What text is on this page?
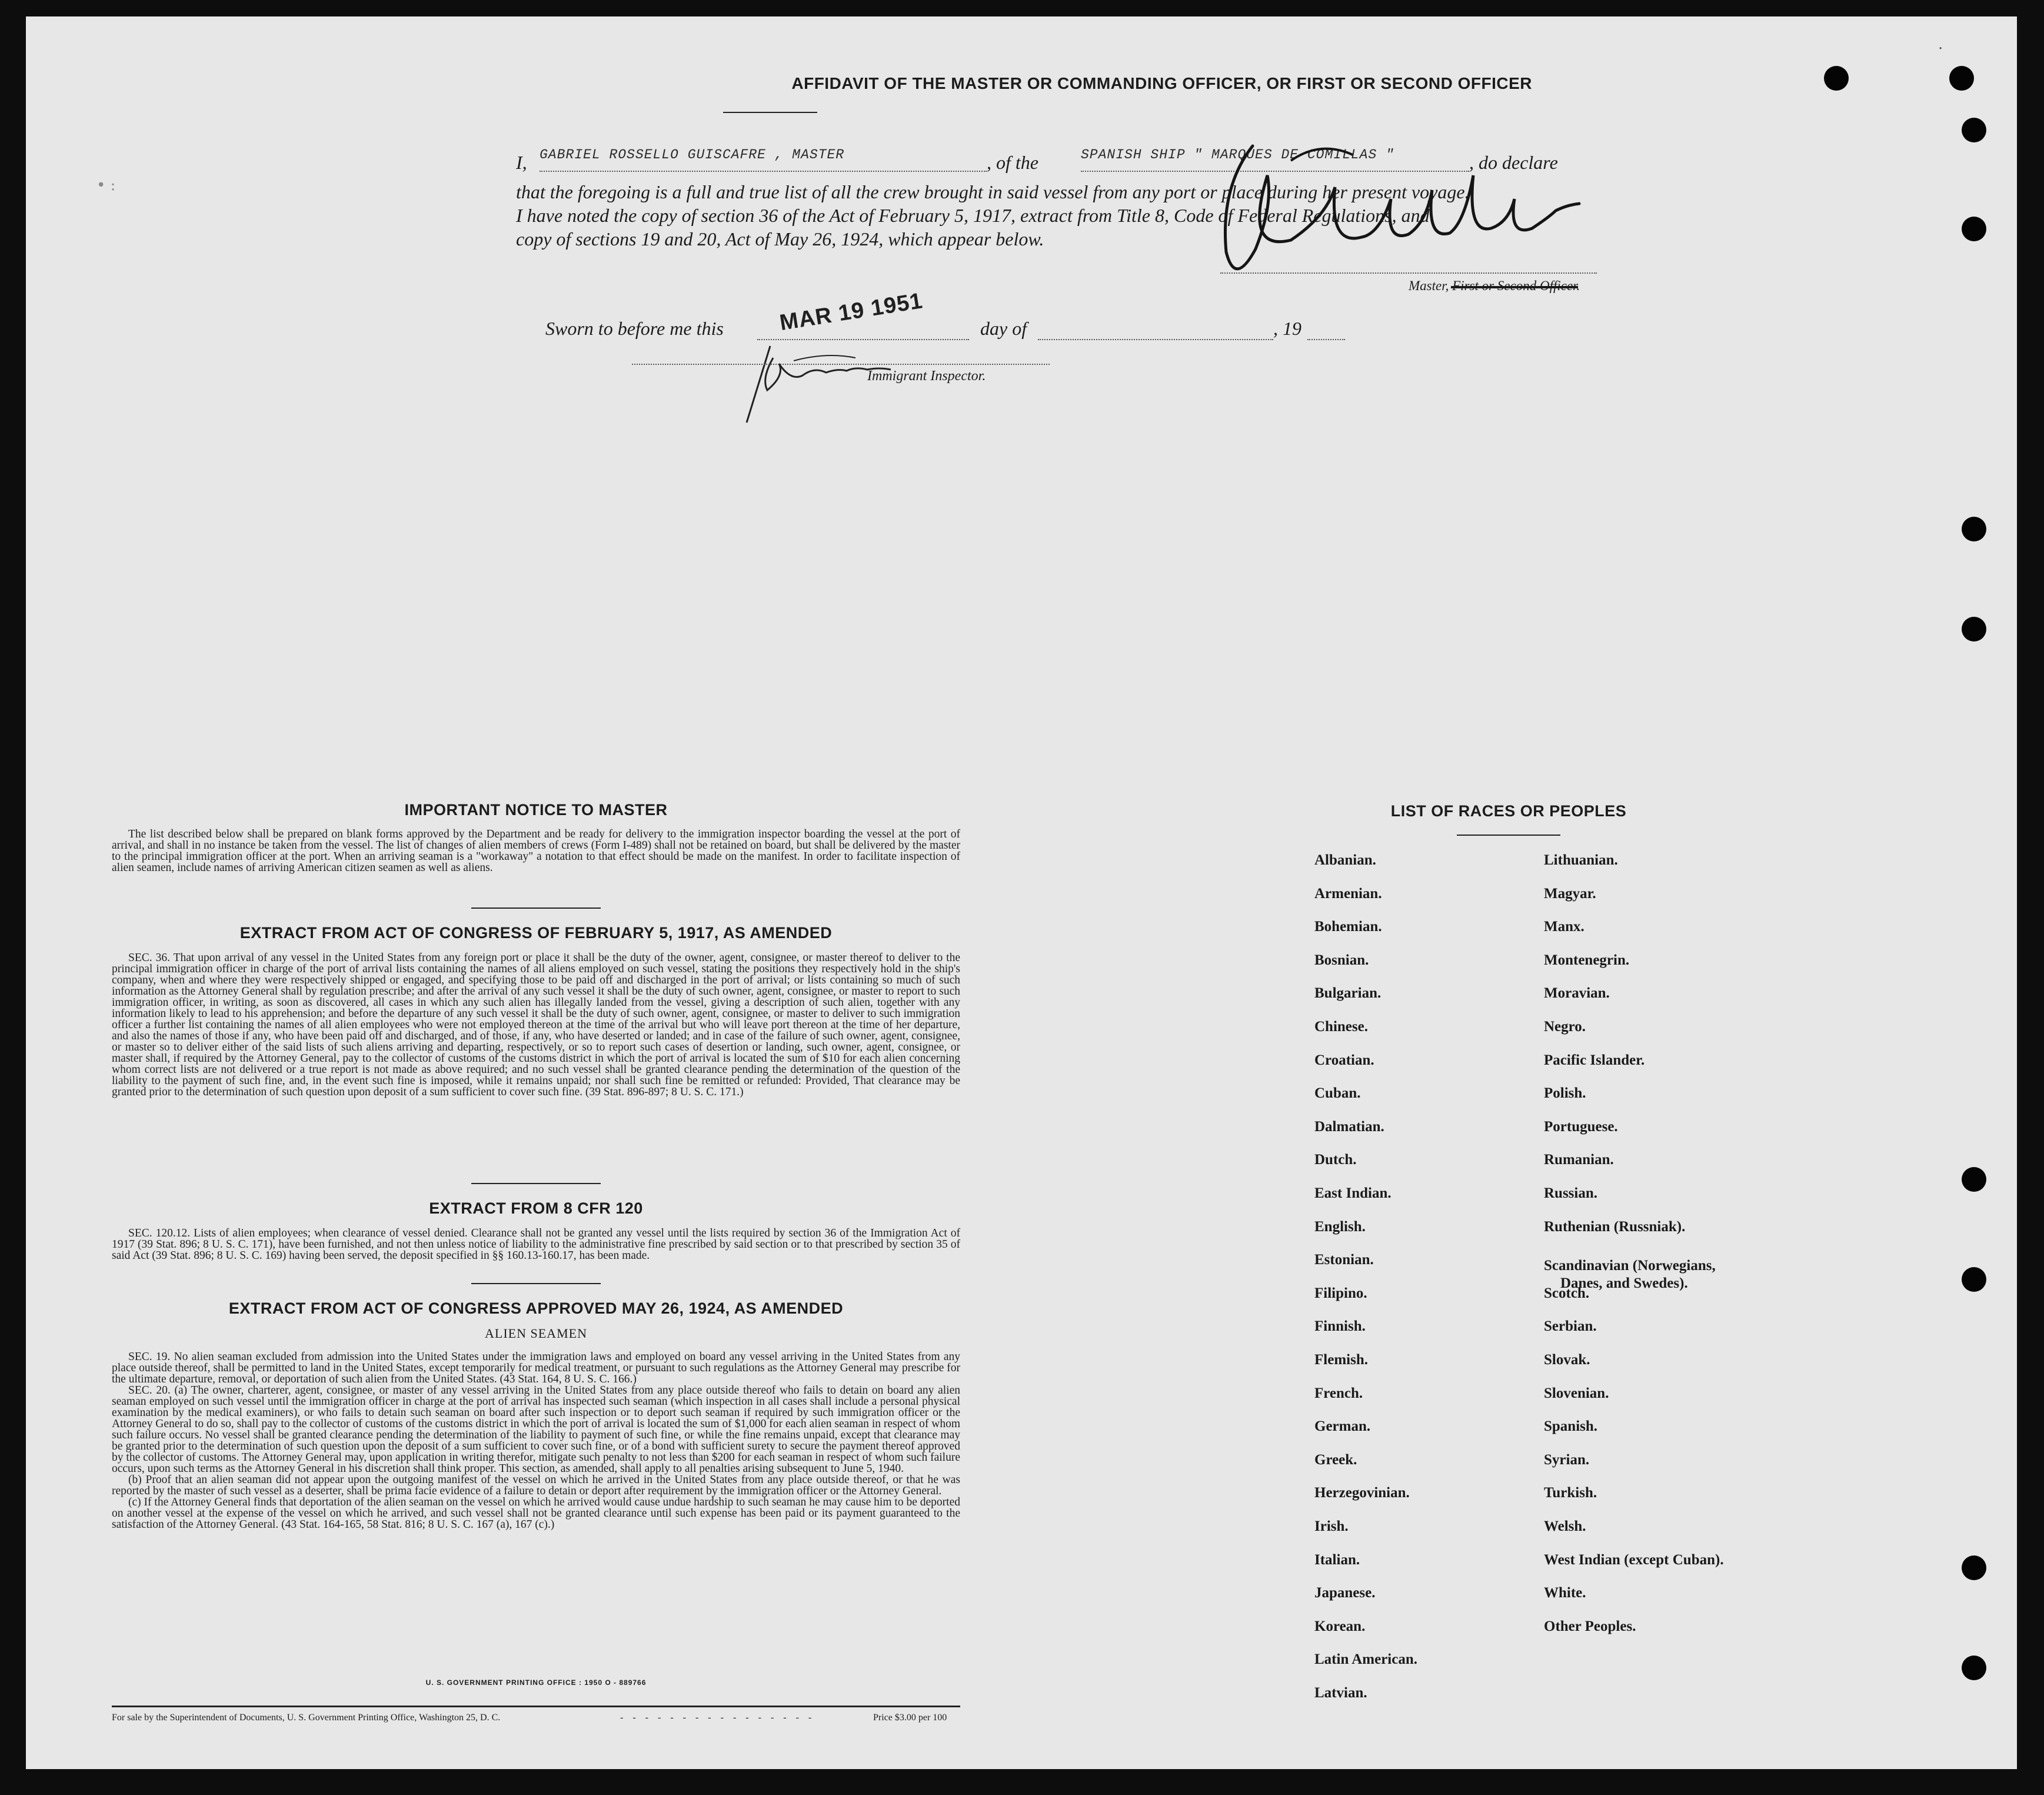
AFFIDAVIT OF THE MASTER OR COMMANDING OFFICER, OR FIRST OR SECOND OFFICER
I, GABRIEL ROSSELLO GUISCAFRE , MASTER	, of the	SPANISH SHIP " MARQUES DE COMILLAS "	, do declare
that the foregoing is a full and true list of all the crew brought in said vessel from any port or place during her present voyage.
I have noted the copy of section 36 of the Act of February 5, 1917, extract from Title 8, Code of Federal Regulations, and
copy of sections 19 and 20, Act of May 26, 1924, which appear below.
Master, First or Second Officer.
Sworn to before me this MAR 19 1951	day of	, 19
Immigrant Inspector.
• :
·
IMPORTANT NOTICE TO MASTER

The list described below shall be prepared on blank forms approved by the Department and be ready for delivery to the immigration inspector boarding the vessel at the port of arrival, and shall in no instance be taken from the vessel. The list of changes of alien members of crews (Form I-489) shall not be retained on board, but shall be delivered by the master to the principal immigration officer at the port. When an arriving seaman is a "workaway" a notation to that effect should be made on the manifest. In order to facilitate inspection of alien seamen, include names of arriving American citizen seamen as well as aliens.

EXTRACT FROM ACT OF CONGRESS OF FEBRUARY 5, 1917, AS AMENDED

SEC. 36. That upon arrival of any vessel in the United States from any foreign port or place it shall be the duty of the owner, agent, consignee, or master thereof to deliver to the principal immigration officer in charge of the port of arrival lists containing the names of all aliens employed on such vessel, stating the positions they respectively hold in the ship's company, when and where they were respectively shipped or engaged, and specifying those to be paid off and discharged in the port of arrival; or lists containing so much of such information as the Attorney General shall by regulation prescribe; and after the arrival of any such vessel it shall be the duty of such owner, agent, consignee, or master to report to such immigration officer, in writing, as soon as discovered, all cases in which any such alien has illegally landed from the vessel, giving a description of such alien, together with any information likely to lead to his apprehension; and before the departure of any such vessel it shall be the duty of such owner, agent, consignee, or master to deliver to such immigration officer a further list containing the names of all alien employees who were not employed thereon at the time of the arrival but who will leave port thereon at the time of her departure, and also the names of those if any, who have been paid off and discharged, and of those, if any, who have deserted or landed; and in case of the failure of such owner, agent, consignee, or master so to deliver either of the said lists of such aliens arriving and departing, respectively, or so to report such cases of desertion or landing, such owner, agent, consignee, or master shall, if required by the Attorney General, pay to the collector of customs of the customs district in which the port of arrival is located the sum of $10 for each alien concerning whom correct lists are not delivered or a true report is not made as above required; and no such vessel shall be granted clearance pending the determination of the question of the liability to the payment of such fine, and, in the event such fine is imposed, while it remains unpaid; nor shall such fine be remitted or refunded: Provided, That clearance may be granted prior to the determination of such question upon deposit of a sum sufficient to cover such fine. (39 Stat. 896-897; 8 U. S. C. 171.)

EXTRACT FROM 8 CFR 120

SEC. 120.12. Lists of alien employees; when clearance of vessel denied. Clearance shall not be granted any vessel until the lists required by section 36 of the Immigration Act of 1917 (39 Stat. 896; 8 U. S. C. 171), have been furnished, and not then unless notice of liability to the administrative fine prescribed by said section or to that prescribed by section 35 of said Act (39 Stat. 896; 8 U. S. C. 169) having been served, the deposit specified in §§ 160.13-160.17, has been made.

EXTRACT FROM ACT OF CONGRESS APPROVED MAY 26, 1924, AS AMENDED
ALIEN SEAMEN

SEC. 19. No alien seaman excluded from admission into the United States under the immigration laws and employed on board any vessel arriving in the United States from any place outside thereof, shall be permitted to land in the United States, except temporarily for medical treatment, or pursuant to such regulations as the Attorney General may prescribe for the ultimate departure, removal, or deportation of such alien from the United States. (43 Stat. 164, 8 U. S. C. 166.)

SEC. 20. (a) The owner, charterer, agent, consignee, or master of any vessel arriving in the United States from any place outside thereof who fails to detain on board any alien seaman employed on such vessel until the immigration officer in charge at the port of arrival has inspected such seaman (which inspection in all cases shall include a personal physical examination by the medical examiners), or who fails to detain such seaman on board after such inspection or to deport such seaman if required by such immigration officer or the Attorney General to do so, shall pay to the collector of customs of the customs district in which the port of arrival is located the sum of $1,000 for each alien seaman in respect of whom such failure occurs. No vessel shall be granted clearance pending the determination of the liability to payment of such fine, or while the fine remains unpaid, except that clearance may be granted prior to the determination of such question upon the deposit of a sum sufficient to cover such fine, or of a bond with sufficient surety to secure the payment thereof approved by the collector of customs. The Attorney General may, upon application in writing therefor, mitigate such penalty to not less than $200 for each seaman in respect of whom such failure occurs, upon such terms as the Attorney General in his discretion shall think proper. This section, as amended, shall apply to all penalties arising subsequent to June 5, 1940.

(b) Proof that an alien seaman did not appear upon the outgoing manifest of the vessel on which he arrived in the United States from any place outside thereof, or that he was reported by the master of such vessel as a deserter, shall be prima facie evidence of a failure to detain or deport after requirement by the immigration officer or the Attorney General.

(c) If the Attorney General finds that deportation of the alien seaman on the vessel on which he arrived would cause undue hardship to such seaman he may cause him to be deported on another vessel at the expense of the vessel on which he arrived, and such vessel shall not be granted clearance until such expense has been paid or its payment guaranteed to the satisfaction of the Attorney General. (43 Stat. 164-165, 58 Stat. 816; 8 U. S. C. 167 (a), 167 (c).)

U. S. GOVERNMENT PRINTING OFFICE : 1950 O - 889766
For sale by the Superintendent of Documents, U. S. Government Printing Office, Washington 25, D. C.	- - - - - - - - - - - - - - - -	Price $3.00 per 100
LIST OF RACES OR PEOPLES
Albanian.
Armenian.
Bohemian.
Bosnian.
Bulgarian.
Chinese.
Croatian.
Cuban.
Dalmatian.
Dutch.
East Indian.
English.
Estonian.
Filipino.
Finnish.
Flemish.
French.
German.
Greek.
Herzegovinian.
Irish.
Italian.
Japanese.
Korean.
Latin American.
Latvian.
Lithuanian.
Magyar.
Manx.
Montenegrin.
Moravian.
Negro.
Pacific Islander.
Polish.
Portuguese.
Rumanian.
Russian.
Ruthenian (Russniak).
Scandinavian (Norwegians,
Danes, and Swedes).
Scotch.
Serbian.
Slovak.
Slovenian.
Spanish.
Syrian.
Turkish.
Welsh.
West Indian (except Cuban).
White.
Other Peoples.
